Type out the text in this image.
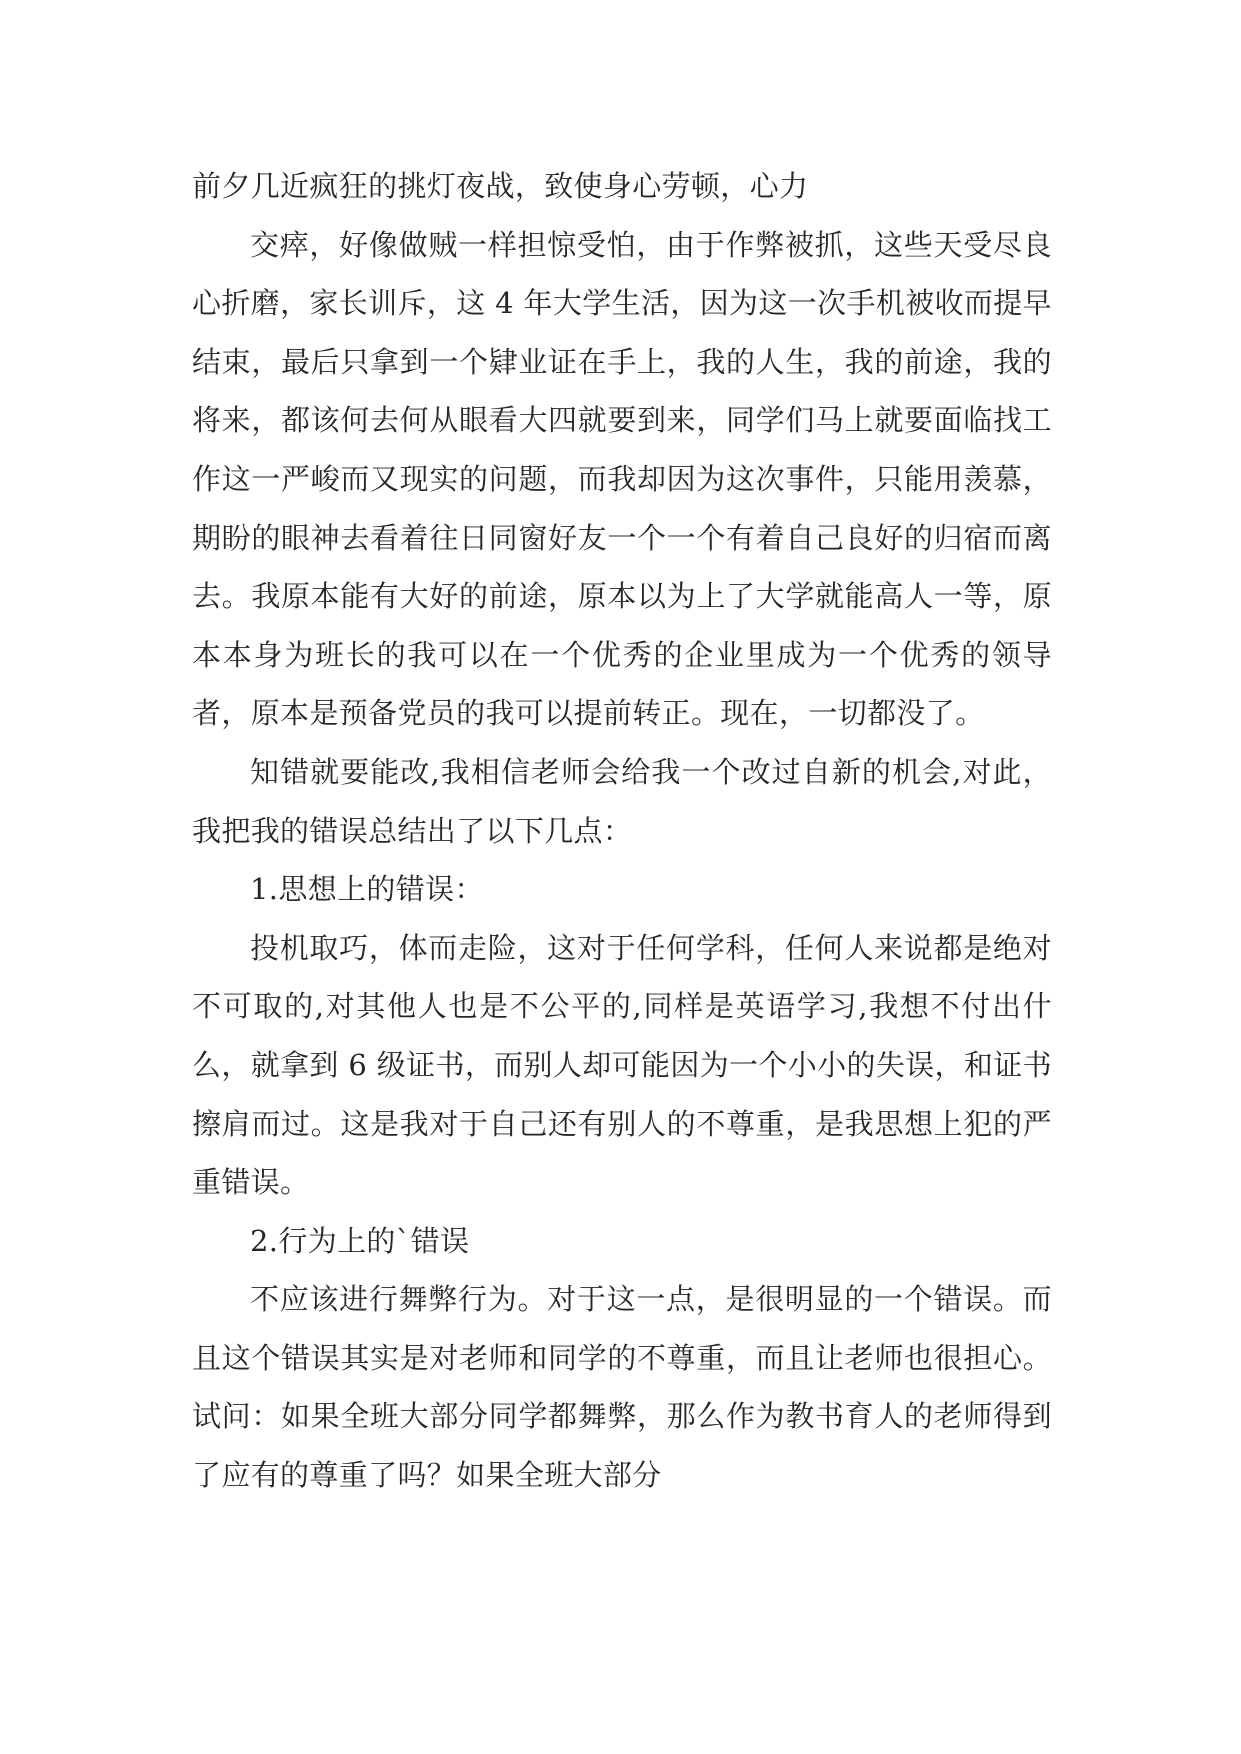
前夕几近疯狂的挑灯夜战，致使身心劳顿，心力

交瘁，好像做贼一样担惊受怕，由于作弊被抓，这些天受尽良心折磨，家长训斥，这 4 年大学生活，因为这一次手机被收而提早结束，最后只拿到一个肄业证在手上，我的人生，我的前途，我的将来，都该何去何从眼看大四就要到来，同学们马上就要面临找工作这一严峻而又现实的问题，而我却因为这次事件，只能用羡慕，期盼的眼神去看着往日同窗好友一个一个有着自己良好的归宿而离去。我原本能有大好的前途，原本以为上了大学就能高人一等，原本本身为班长的我可以在一个优秀的企业里成为一个优秀的领导者，原本是预备党员的我可以提前转正。现在，一切都没了。

知错就要能改,我相信老师会给我一个改过自新的机会,对此，我把我的错误总结出了以下几点：

1.思想上的错误：

投机取巧，体而走险，这对于任何学科，任何人来说都是绝对不可取的,对其他人也是不公平的,同样是英语学习,我想不付出什么，就拿到 6 级证书，而别人却可能因为一个小小的失误，和证书擦肩而过。这是我对于自己还有别人的不尊重，是我思想上犯的严重错误。

2.行为上的`错误

不应该进行舞弊行为。对于这一点，是很明显的一个错误。而且这个错误其实是对老师和同学的不尊重，而且让老师也很担心。试问：如果全班大部分同学都舞弊，那么作为教书育人的老师得到了应有的尊重了吗？如果全班大部分
